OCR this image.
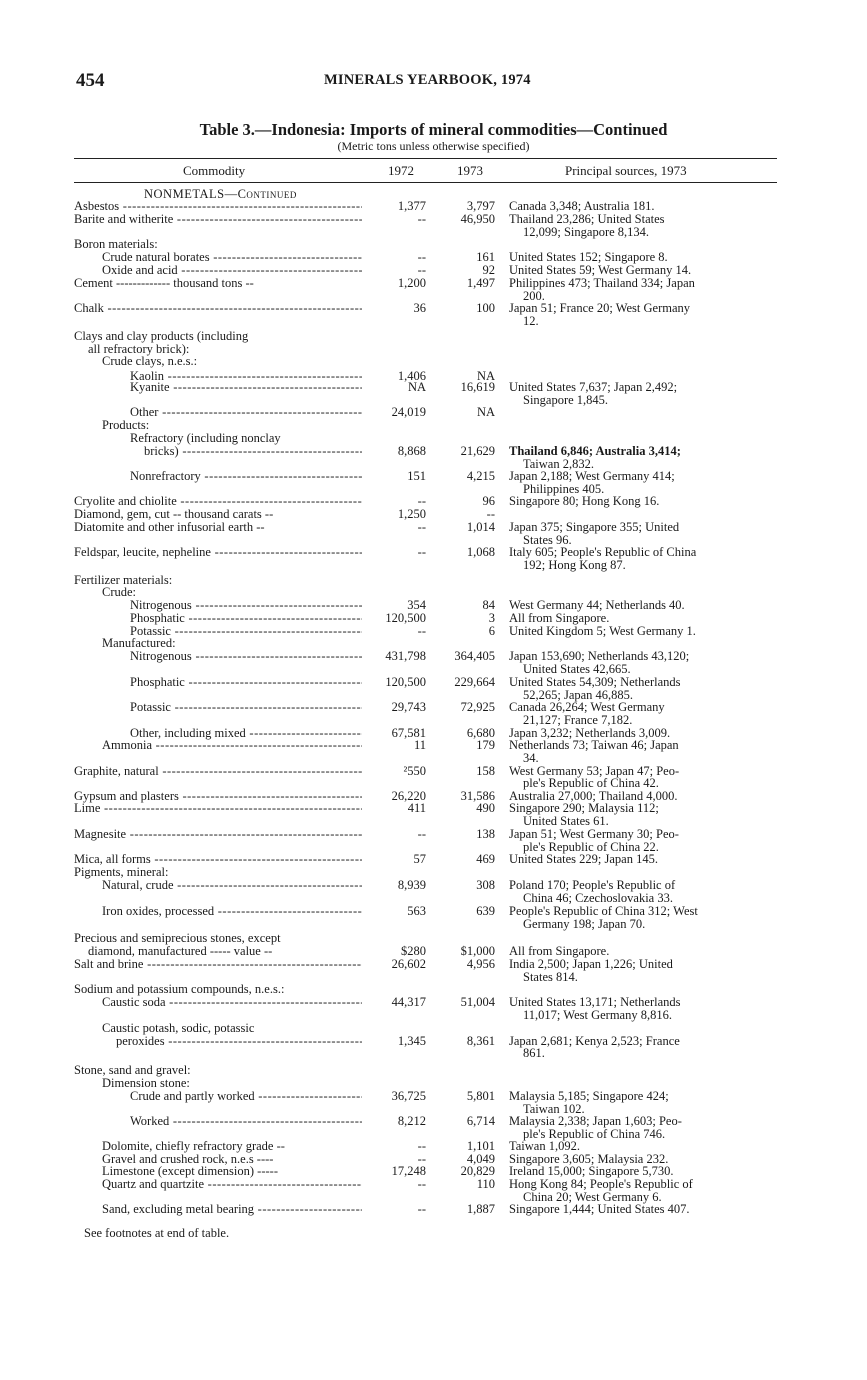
454	MINERALS YEARBOOK, 1974
Table 3.—Indonesia: Imports of mineral commodities—Continued
(Metric tons unless otherwise specified)
Commodity	1972	1973	Principal sources, 1973
NONMETALS—Continued
Asbestos -----	1,377	3,797 Canada 3,348; Australia 181.
Barite and witherite -----	--	46,950 Thailand 23,286; United States
12,099; Singapore 8,134.
Boron materials:
Crude natural borates -----	--	161 United States 152; Singapore 8.
Oxide and acid -----	--	92 United States 59; West Germany 14.
Cement ------------- thousand tons --	1,200	1,497 Philippines 473; Thailand 334; Japan
200.
Chalk -----	36	100 Japan 51; France 20; West Germany
12.
Clays and clay products (including
all refractory brick):
Crude clays, n.e.s.:
Kaolin -----	1,406	NA
Kyanite -----	NA	16,619 United States 7,637; Japan 2,492;
Singapore 1,845.
Other -----	24,019	NA
Products:
Refractory (including nonclay
bricks) -----	8,868	21,629 Thailand 6,846; Australia 3,414;
Taiwan 2,832.
Nonrefractory -----	151	4,215 Japan 2,188; West Germany 414;
Philippines 405.
Cryolite and chiolite -----	--	96 Singapore 80; Hong Kong 16.
Diamond, gem, cut -- thousand carats --	1,250	--
Diatomite and other infusorial earth --	--	1,014 Japan 375; Singapore 355; United
States 96.
Feldspar, leucite, nepheline -----	--	1,068 Italy 605; People's Republic of China
192; Hong Kong 87.
Fertilizer materials:
Crude:
Nitrogenous -----	354	84 West Germany 44; Netherlands 40.
Phosphatic -----	120,500	3 All from Singapore.
Potassic -----	--	6 United Kingdom 5; West Germany 1.
Manufactured:
Nitrogenous -----	431,798	364,405 Japan 153,690; Netherlands 43,120;
United States 42,665.
Phosphatic -----	120,500	229,664 United States 54,309; Netherlands
52,265; Japan 46,885.
Potassic -----	29,743	72,925 Canada 26,264; West Germany
21,127; France 7,182.
Other, including mixed -----	67,581	6,680 Japan 3,232; Netherlands 3,009.
Ammonia -----	11	179 Netherlands 73; Taiwan 46; Japan
34.
Graphite, natural -----	²550	158 West Germany 53; Japan 47; Peo-
ple's Republic of China 42.
Gypsum and plasters -----	26,220	31,586 Australia 27,000; Thailand 4,000.
Lime -----	411	490 Singapore 290; Malaysia 112;
United States 61.
Magnesite -----	--	138 Japan 51; West Germany 30; Peo-
ple's Republic of China 22.
Mica, all forms -----	57	469 United States 229; Japan 145.
Pigments, mineral:
Natural, crude -----	8,939	308 Poland 170; People's Republic of
China 46; Czechoslovakia 33.
Iron oxides, processed -----	563	639 People's Republic of China 312; West
Germany 198; Japan 70.
Precious and semiprecious stones, except
diamond, manufactured ----- value --	$280	$1,000 All from Singapore.
Salt and brine -----	26,602	4,956 India 2,500; Japan 1,226; United
States 814.
Sodium and potassium compounds, n.e.s.:
Caustic soda -----	44,317	51,004 United States 13,171; Netherlands
11,017; West Germany 8,816.
Caustic potash, sodic, potassic
peroxides -----	1,345	8,361 Japan 2,681; Kenya 2,523; France
861.
Stone, sand and gravel:
Dimension stone:
Crude and partly worked -----	36,725	5,801 Malaysia 5,185; Singapore 424;
Taiwan 102.
Worked -----	8,212	6,714 Malaysia 2,338; Japan 1,603; Peo-
ple's Republic of China 746.
Dolomite, chiefly refractory grade --	--	1,101 Taiwan 1,092.
Gravel and crushed rock, n.e.s ----	--	4,049 Singapore 3,605; Malaysia 232.
Limestone (except dimension) -----	17,248	20,829 Ireland 15,000; Singapore 5,730.
Quartz and quartzite -----	--	110 Hong Kong 84; People's Republic of
China 20; West Germany 6.
Sand, excluding metal bearing -----	--	1,887 Singapore 1,444; United States 407.
See footnotes at end of table.
